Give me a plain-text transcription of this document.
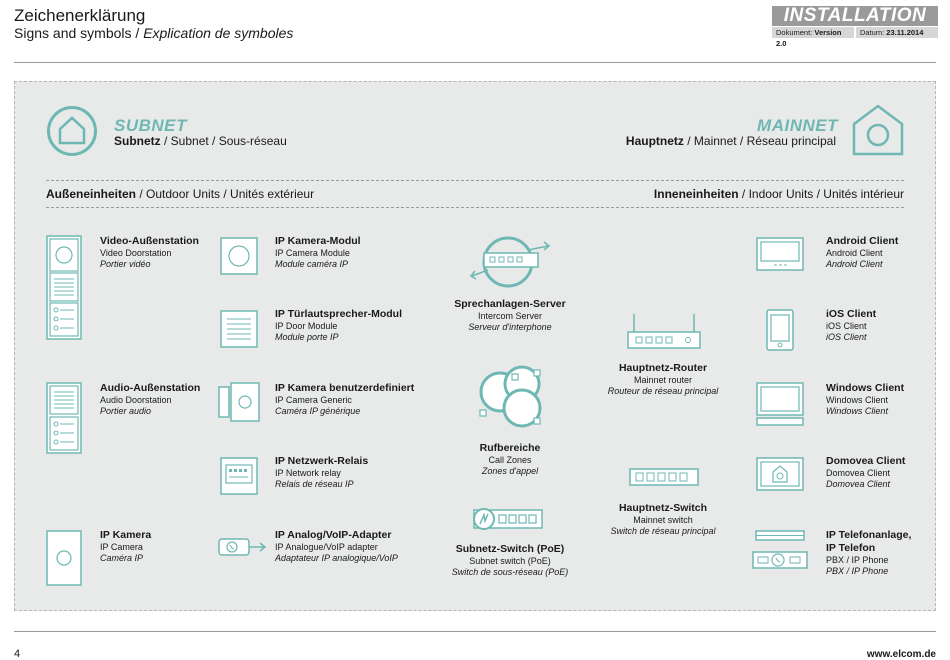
Zeichenerklärung
Signs and symbols / Explication de symboles
INSTALLATION
Dokument: Version 2.0
Datum: 23.11.2014
SUBNET
Subnetz / Subnet / Sous-réseau
MAINNET
Hauptnetz / Mainnet / Réseau principal
Außeneinheiten / Outdoor Units / Unités extérieur	Inneneinheiten / Indoor Units / Unités intérieur
Video-Außenstation
Video Doorstation
Portier vidéo
Audio-Außenstation
Audio Doorstation
Portier audio
IP Kamera
IP Camera
Caméra IP
IP Kamera-Modul
IP Camera Module
Module caméra IP
IP Türlautsprecher-Modul
IP Door Module
Module porte IP
IP Kamera benutzerdefiniert
IP Camera Generic
Caméra IP générique
IP Netzwerk-Relais
IP Network relay
Relais de réseau IP
IP Analog/VoIP-Adapter
IP Analogue/VoIP adapter
Adaptateur IP analogique/VoIP
Sprechanlagen-Server
Intercom Server
Serveur d'interphone
Rufbereiche
Call Zones
Zones d'appel
Subnetz-Switch (PoE)
Subnet switch (PoE)
Switch de sous-réseau (PoE)
Hauptnetz-Router
Mainnet router
Routeur de réseau principal
Hauptnetz-Switch
Mainnet switch
Switch de réseau principal
Android Client
Android Client
Android Client
iOS Client
iOS Client
iOS Client
Windows Client
Windows Client
Windows Client
Domovea Client
Domovea Client
Domovea Client
IP Telefonanlage,
IP Telefon
PBX / IP Phone
PBX / IP Phone
4	www.elcom.de
